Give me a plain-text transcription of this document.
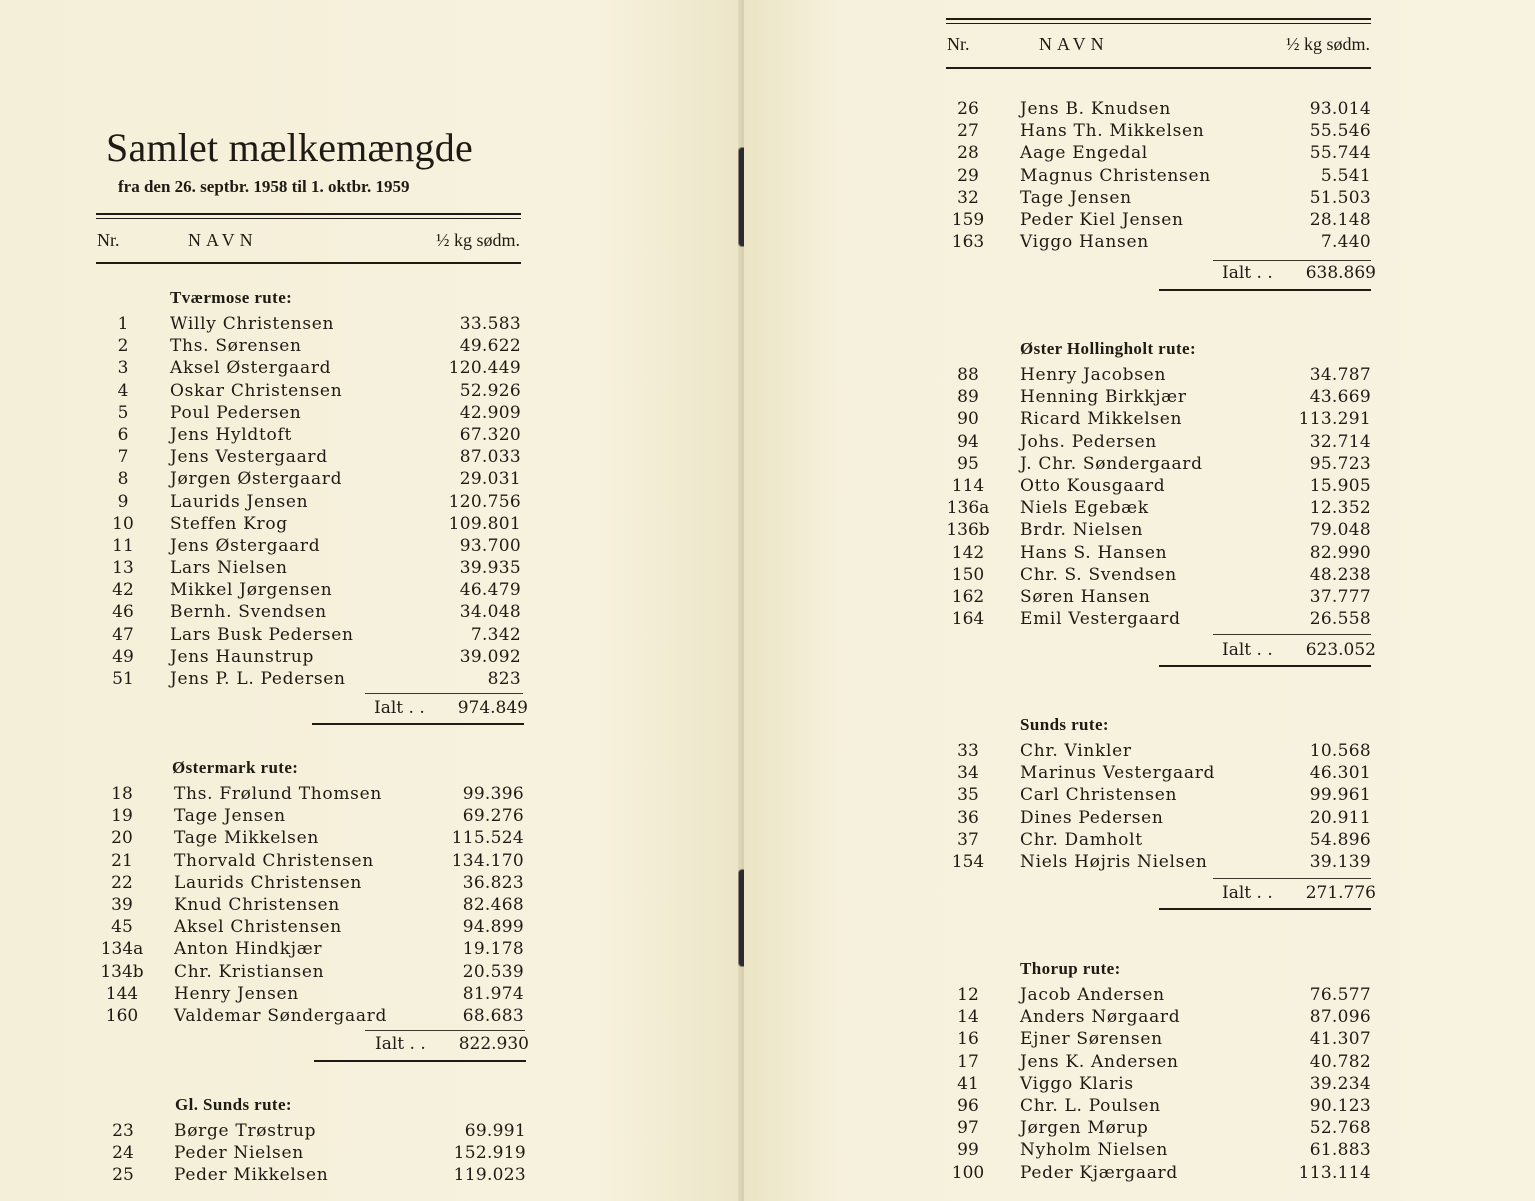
Samlet mælkemængde

fra den 26. septbr. 1958 til 1. oktbr. 1959

Nr.	NAVN	½ kg sødm.
Tværmose rute:
1	Willy Christensen	33.583
2	Ths. Sørensen	49.622
3	Aksel Østergaard	120.449
4	Oskar Christensen	52.926
5	Poul Pedersen	42.909
6	Jens Hyldtoft	67.320
7	Jens Vestergaard	87.033
8	Jørgen Østergaard	29.031
9	Laurids Jensen	120.756
10	Steffen Krog	109.801
11	Jens Østergaard	93.700
13	Lars Nielsen	39.935
42	Mikkel Jørgensen	46.479
46	Bernh. Svendsen	34.048
47	Lars Busk Pedersen	7.342
49	Jens Haunstrup	39.092
51	Jens P. L. Pedersen	823
Ialt . . 974.849
Østermark rute:
18	Ths. Frølund Thomsen	99.396
19	Tage Jensen	69.276
20	Tage Mikkelsen	115.524
21	Thorvald Christensen	134.170
22	Laurids Christensen	36.823
39	Knud Christensen	82.468
45	Aksel Christensen	94.899
134a Anton Hindkjær	19.178
134b Chr. Kristiansen	20.539
144	Henry Jensen	81.974
160	Valdemar Søndergaard	68.683
Ialt . . 822.930
Gl. Sunds rute:
23	Børge Trøstrup	69.991
24	Peder Nielsen	152.919
25	Peder Mikkelsen	119.023
Nr.	NAVN	½ kg sødm.
26	Jens B. Knudsen	93.014
27	Hans Th. Mikkelsen	55.546
28	Aage Engedal	55.744
29	Magnus Christensen	5.541
32	Tage Jensen	51.503
159	Peder Kiel Jensen	28.148
163	Viggo Hansen	7.440
Ialt . . 638.869
Øster Hollingholt rute:
88	Henry Jacobsen	34.787
89	Henning Birkkjær	43.669
90	Ricard Mikkelsen	113.291
94	Johs. Pedersen	32.714
95	J. Chr. Søndergaard	95.723
114	Otto Kousgaard	15.905
136a Niels Egebæk	12.352
136b Brdr. Nielsen	79.048
142	Hans S. Hansen	82.990
150	Chr. S. Svendsen	48.238
162	Søren Hansen	37.777
164	Emil Vestergaard	26.558
Ialt . . 623.052
Sunds rute:
33	Chr. Vinkler	10.568
34	Marinus Vestergaard	46.301
35	Carl Christensen	99.961
36	Dines Pedersen	20.911
37	Chr. Damholt	54.896
154	Niels Højris Nielsen	39.139
Ialt . . 271.776
Thorup rute:
12	Jacob Andersen	76.577
14	Anders Nørgaard	87.096
16	Ejner Sørensen	41.307
17	Jens K. Andersen	40.782
41	Viggo Klaris	39.234
96	Chr. L. Poulsen	90.123
97	Jørgen Mørup	52.768
99	Nyholm Nielsen	61.883
100	Peder Kjærgaard	113.114
